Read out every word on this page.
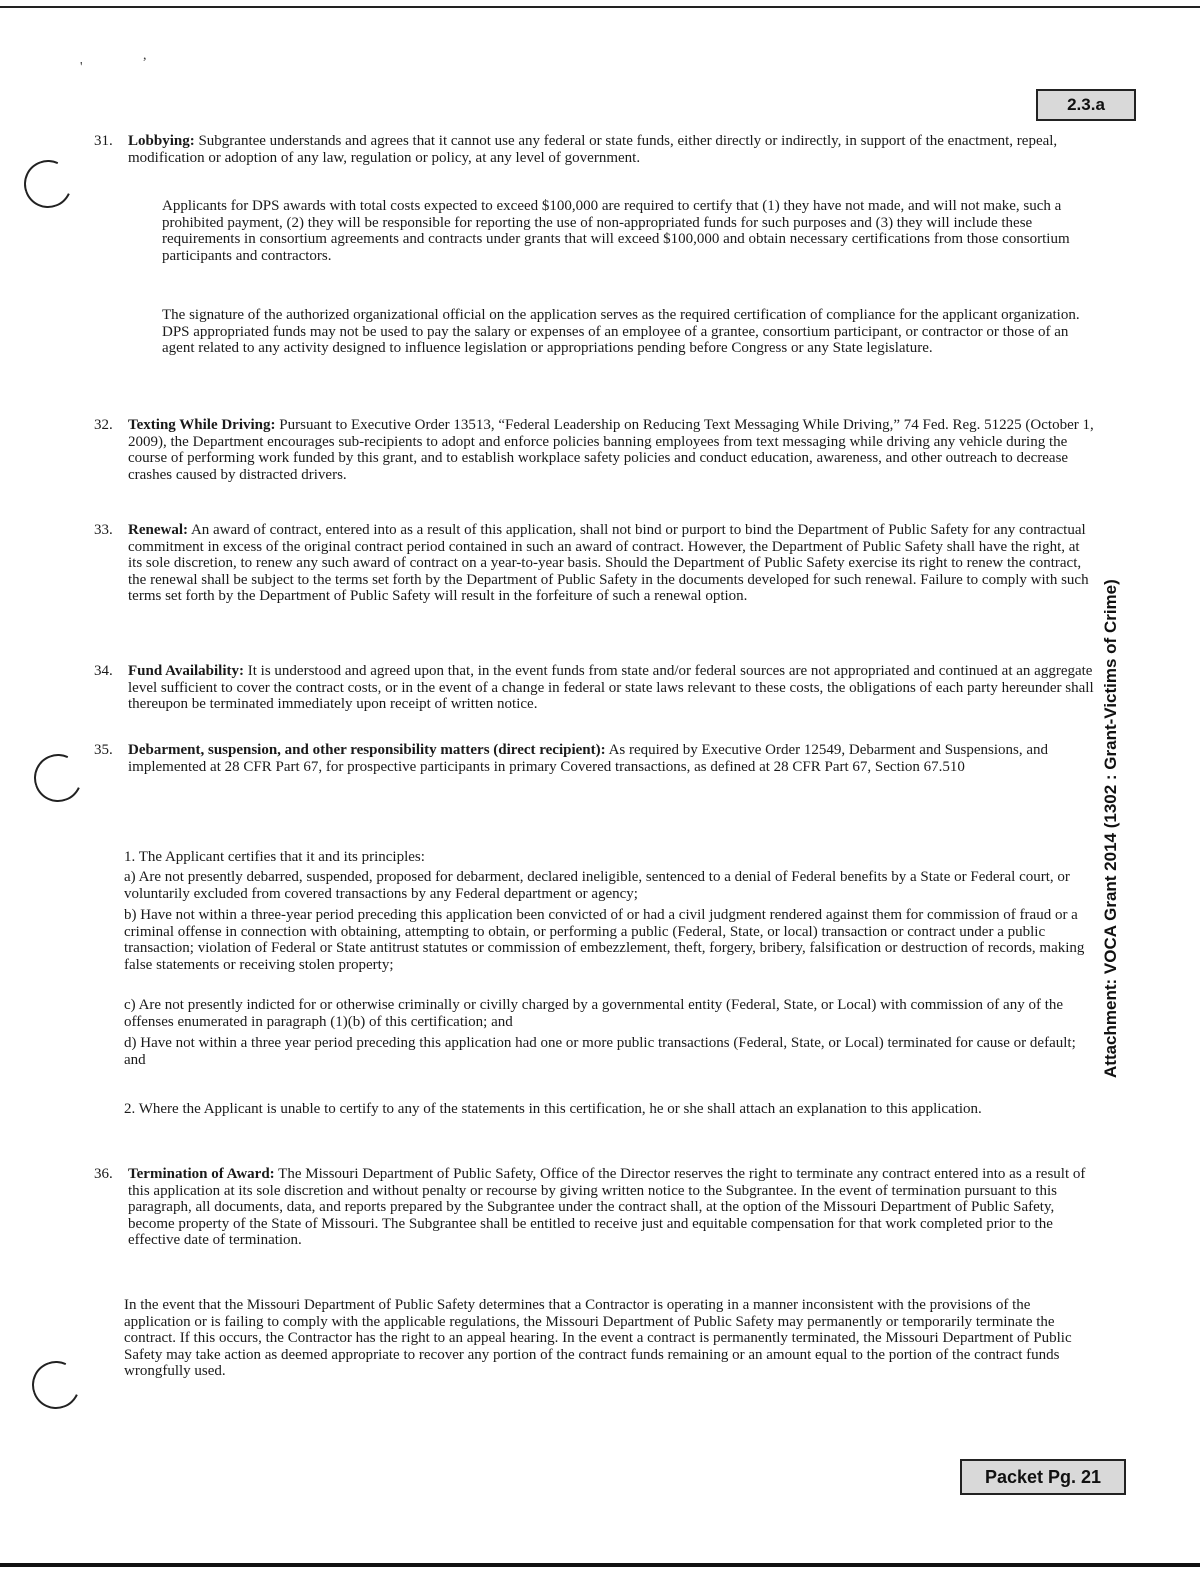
'
,
2.3.a
Attachment: VOCA Grant 2014 (1302 : Grant-Victims of Crime)
31. Lobbying: Subgrantee understands and agrees that it cannot use any federal or state funds, either directly or indirectly, in support of the enactment, repeal, modification or adoption of any law, regulation or policy, at any level of government.
Applicants for DPS awards with total costs expected to exceed $100,000 are required to certify that (1) they have not made, and will not make, such a prohibited payment, (2) they will be responsible for reporting the use of non-appropriated funds for such purposes and (3) they will include these requirements in consortium agreements and contracts under grants that will exceed $100,000 and obtain necessary certifications from those consortium participants and contractors.
The signature of the authorized organizational official on the application serves as the required certification of compliance for the applicant organization. DPS appropriated funds may not be used to pay the salary or expenses of an employee of a grantee, consortium participant, or contractor or those of an agent related to any activity designed to influence legislation or appropriations pending before Congress or any State legislature.
32. Texting While Driving: Pursuant to Executive Order 13513, “Federal Leadership on Reducing Text Messaging While Driving,” 74 Fed. Reg. 51225 (October 1, 2009), the Department encourages sub-recipients to adopt and enforce policies banning employees from text messaging while driving any vehicle during the course of performing work funded by this grant, and to establish workplace safety policies and conduct education, awareness, and other outreach to decrease crashes caused by distracted drivers.
33. Renewal: An award of contract, entered into as a result of this application, shall not bind or purport to bind the Department of Public Safety for any contractual commitment in excess of the original contract period contained in such an award of contract. However, the Department of Public Safety shall have the right, at its sole discretion, to renew any such award of contract on a year-to-year basis. Should the Department of Public Safety exercise its right to renew the contract, the renewal shall be subject to the terms set forth by the Department of Public Safety in the documents developed for such renewal. Failure to comply with such terms set forth by the Department of Public Safety will result in the forfeiture of such a renewal option.
34. Fund Availability: It is understood and agreed upon that, in the event funds from state and/or federal sources are not appropriated and continued at an aggregate level sufficient to cover the contract costs, or in the event of a change in federal or state laws relevant to these costs, the obligations of each party hereunder shall thereupon be terminated immediately upon receipt of written notice.
35. Debarment, suspension, and other responsibility matters (direct recipient): As required by Executive Order 12549, Debarment and Suspensions, and implemented at 28 CFR Part 67, for prospective participants in primary Covered transactions, as defined at 28 CFR Part 67, Section 67.510
1. The Applicant certifies that it and its principles:
a) Are not presently debarred, suspended, proposed for debarment, declared ineligible, sentenced to a denial of Federal benefits by a State or Federal court, or voluntarily excluded from covered transactions by any Federal department or agency;
b) Have not within a three-year period preceding this application been convicted of or had a civil judgment rendered against them for commission of fraud or a criminal offense in connection with obtaining, attempting to obtain, or performing a public (Federal, State, or local) transaction or contract under a public transaction; violation of Federal or State antitrust statutes or commission of embezzlement, theft, forgery, bribery, falsification or destruction of records, making false statements or receiving stolen property;
c) Are not presently indicted for or otherwise criminally or civilly charged by a governmental entity (Federal, State, or Local) with commission of any of the offenses enumerated in paragraph (1)(b) of this certification; and
d) Have not within a three year period preceding this application had one or more public transactions (Federal, State, or Local) terminated for cause or default; and
2. Where the Applicant is unable to certify to any of the statements in this certification, he or she shall attach an explanation to this application.
36. Termination of Award: The Missouri Department of Public Safety, Office of the Director reserves the right to terminate any contract entered into as a result of this application at its sole discretion and without penalty or recourse by giving written notice to the Subgrantee. In the event of termination pursuant to this paragraph, all documents, data, and reports prepared by the Subgrantee under the contract shall, at the option of the Missouri Department of Public Safety, become property of the State of Missouri. The Subgrantee shall be entitled to receive just and equitable compensation for that work completed prior to the effective date of termination.
In the event that the Missouri Department of Public Safety determines that a Contractor is operating in a manner inconsistent with the provisions of the application or is failing to comply with the applicable regulations, the Missouri Department of Public Safety may permanently or temporarily terminate the contract. If this occurs, the Contractor has the right to an appeal hearing. In the event a contract is permanently terminated, the Missouri Department of Public Safety may take action as deemed appropriate to recover any portion of the contract funds remaining or an amount equal to the portion of the contract funds wrongfully used.
Packet Pg. 21
